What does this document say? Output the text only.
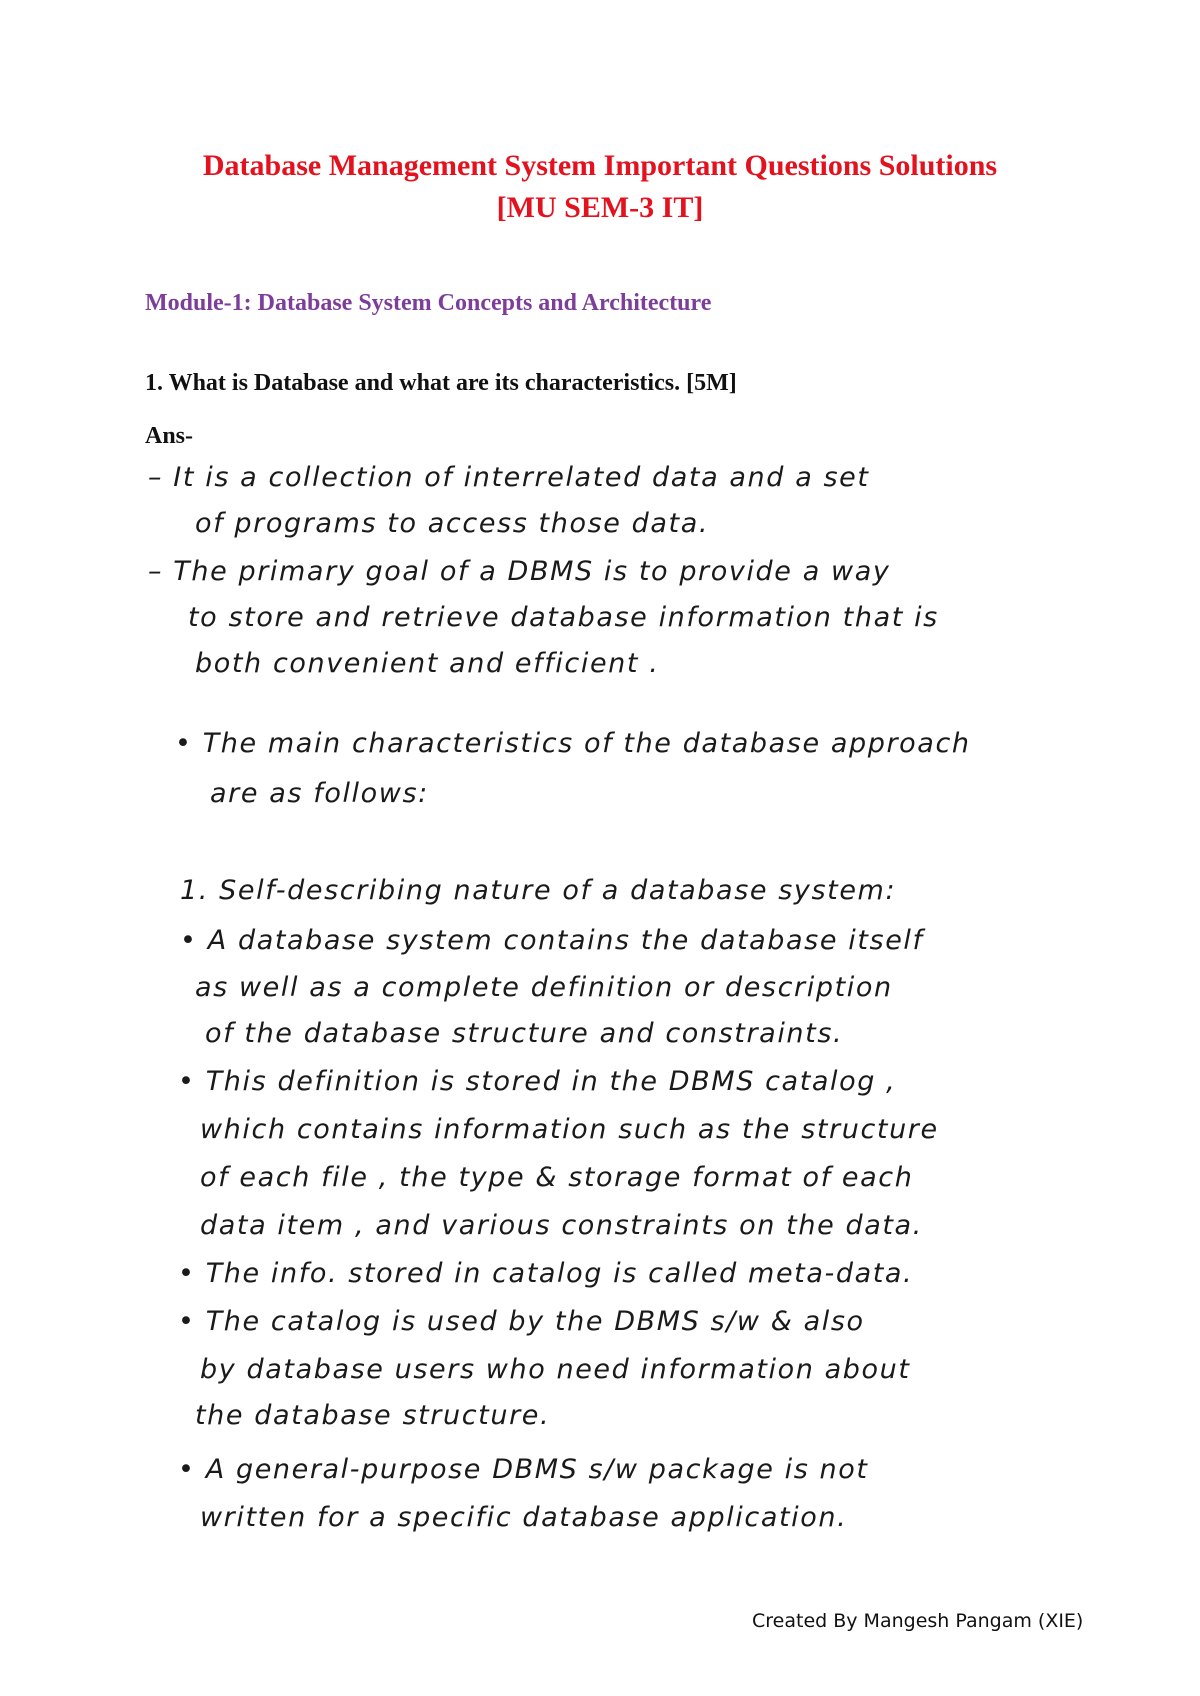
Database Management System Important Questions Solutions
[MU SEM-3 IT]
Module-1: Database System Concepts and Architecture
1. What is Database and what are its characteristics. [5M]
Ans-
– It is a collection of interrelated data and a set
of programs to access those data.
– The primary goal of a DBMS is to provide a way
to store and retrieve database information that is
both convenient and efficient .
• The main characteristics of the database approach
are as follows:
1. Self-describing nature of a database system:
• A database system contains the database itself
as well as a complete definition or description
of the database structure and constraints.
• This definition is stored in the DBMS catalog ,
which contains information such as the structure
of each file , the type & storage format of each
data item , and various constraints on the data.
• The info. stored in catalog is called meta-data.
• The catalog is used by the DBMS s/w & also
by database users who need information about
the database structure.
• A general-purpose DBMS s/w package is not
written for a specific database application.
Created By Mangesh Pangam (XIE)
